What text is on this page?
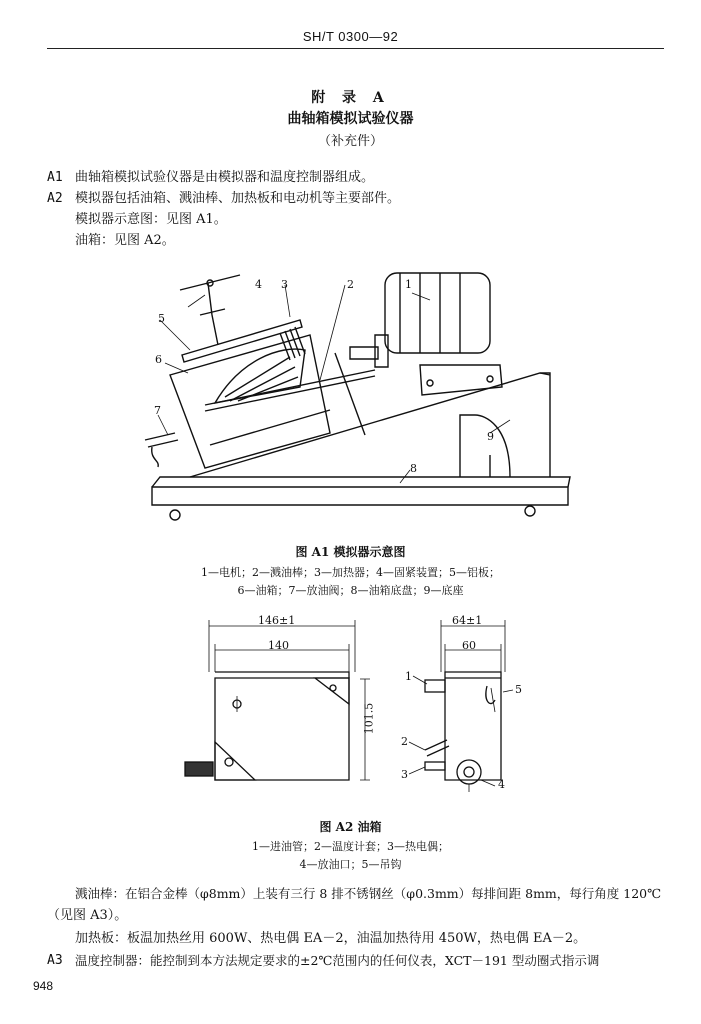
SH/T 0300—92
附 录 A
曲轴箱模拟试验仪器
（补充件）
A1 曲轴箱模拟试验仪器是由模拟器和温度控制器组成。
A2 模拟器包括油箱、溅油棒、加热板和电动机等主要部件。
模拟器示意图：见图 A1。
油箱：见图 A2。
1
2
3
4
5
6
7
8
9
图 A1 模拟器示意图
1—电机；2—溅油棒；3—加热器；4—固紧装置；5—铝板；
6—油箱；7—放油阀；8—油箱底盘；9—底座
146±1
140
101.5
64±1
60
1
2
3
4
5
图 A2 油箱
1—进油管；2—温度计套；3—热电偶；
4—放油口；5—吊钩
溅油棒：在铝合金棒（φ8mm）上装有三行 8 排不锈钢丝（φ0.3mm）每排间距 8mm，每行角度 120℃
（见图 A3）。
加热板：板温加热丝用 600W、热电偶 EA－2，油温加热待用 450W，热电偶 EA－2。
A3 温度控制器：能控制到本方法规定要求的±2℃范围内的任何仪表，XCT－191 型动圈式指示调
948
